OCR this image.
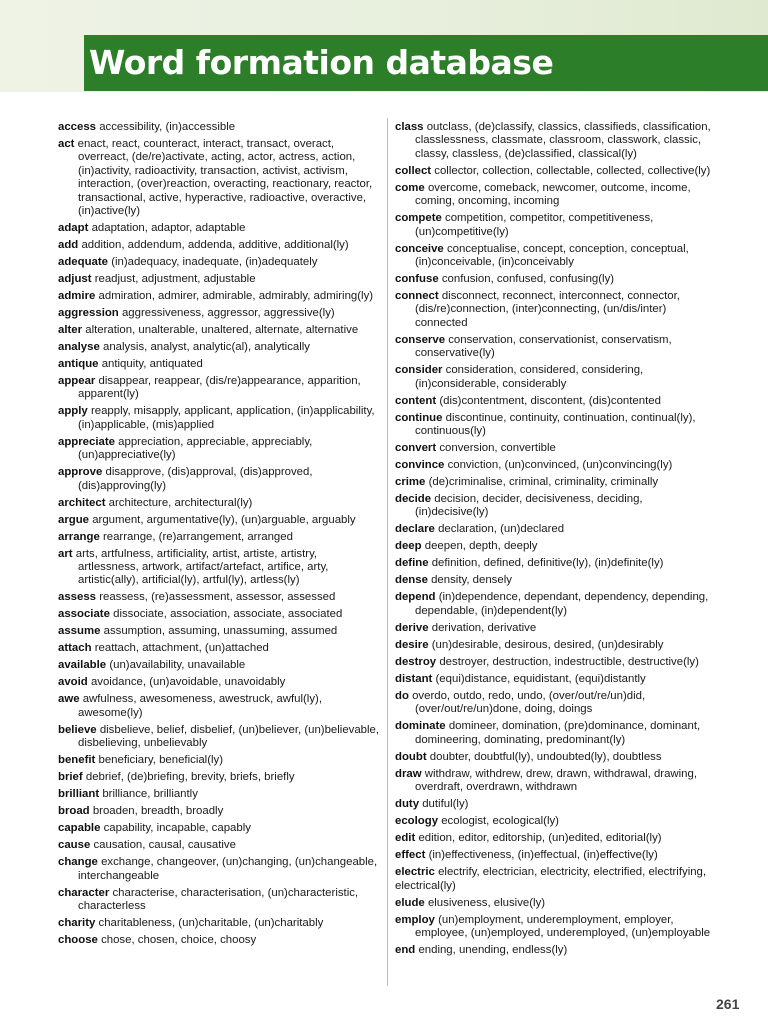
Word formation database

access accessibility, (in)accessible

act enact, react, counteract, interact, transact, overact, overreact, (de/re)activate, acting, actor, actress, action, (in)activity, radioactivity, transaction, activist, activism, interaction, (over)reaction, overacting, reactionary, reactor, transactional, active, hyperactive, radioactive, overactive, (in)active(ly)

adapt adaptation, adaptor, adaptable

add addition, addendum, addenda, additive, additional(ly)

adequate (in)adequacy, inadequate, (in)adequately

adjust readjust, adjustment, adjustable

admire admiration, admirer, admirable, admirably, admiring(ly)

aggression aggressiveness, aggressor, aggressive(ly)

alter alteration, unalterable, unaltered, alternate, alternative

analyse analysis, analyst, analytic(al), analytically

antique antiquity, antiquated

appear disappear, reappear, (dis/re)appearance, apparition, apparent(ly)

apply reapply, misapply, applicant, application, (in)applicability, (in)applicable, (mis)applied

appreciate appreciation, appreciable, appreciably, (un)appreciative(ly)

approve disapprove, (dis)approval, (dis)approved, (dis)approving(ly)

architect architecture, architectural(ly)

argue argument, argumentative(ly), (un)arguable, arguably

arrange rearrange, (re)arrangement, arranged

art arts, artfulness, artificiality, artist, artiste, artistry, artlessness, artwork, artifact/artefact, artifice, arty, artistic(ally), artificial(ly), artful(ly), artless(ly)

assess reassess, (re)assessment, assessor, assessed

associate dissociate, association, associate, associated

assume assumption, assuming, unassuming, assumed

attach reattach, attachment, (un)attached

available (un)availability, unavailable

avoid avoidance, (un)avoidable, unavoidably

awe awfulness, awesomeness, awestruck, awful(ly), awesome(ly)

believe disbelieve, belief, disbelief, (un)believer, (un)believable, disbelieving, unbelievably

benefit beneficiary, beneficial(ly)

brief debrief, (de)briefing, brevity, briefs, briefly

brilliant brilliance, brilliantly

broad broaden, breadth, broadly

capable capability, incapable, capably

cause causation, causal, causative

change exchange, changeover, (un)changing, (un)changeable, interchangeable

character characterise, characterisation, (un)characteristic, characterless

charity charitableness, (un)charitable, (un)charitably

choose chose, chosen, choice, choosy

class outclass, (de)classify, classics, classifieds, classification, classlessness, classmate, classroom, classwork, classic, classy, classless, (de)classified, classical(ly)

collect collector, collection, collectable, collected, collective(ly)

come overcome, comeback, newcomer, outcome, income, coming, oncoming, incoming

compete competition, competitor, competitiveness, (un)competitive(ly)

conceive conceptualise, concept, conception, conceptual, (in)conceivable, (in)conceivably

confuse confusion, confused, confusing(ly)

connect disconnect, reconnect, interconnect, connector, (dis/re)connection, (inter)connecting, (un/dis/inter) connected

conserve conservation, conservationist, conservatism, conservative(ly)

consider consideration, considered, considering, (in)considerable, considerably

content (dis)contentment, discontent, (dis)contented

continue discontinue, continuity, continuation, continual(ly), continuous(ly)

convert conversion, convertible

convince conviction, (un)convinced, (un)convincing(ly)

crime (de)criminalise, criminal, criminality, criminally

decide decision, decider, decisiveness, deciding, (in)decisive(ly)

declare declaration, (un)declared

deep deepen, depth, deeply

define definition, defined, definitive(ly), (in)definite(ly)

dense density, densely

depend (in)dependence, dependant, dependency, depending, dependable, (in)dependent(ly)

derive derivation, derivative

desire (un)desirable, desirous, desired, (un)desirably

destroy destroyer, destruction, indestructible, destructive(ly)

distant (equi)distance, equidistant, (equi)distantly

do overdo, outdo, redo, undo, (over/out/re/un)did, (over/out/re/un)done, doing, doings

dominate domineer, domination, (pre)dominance, dominant, domineering, dominating, predominant(ly)

doubt doubter, doubtful(ly), undoubted(ly), doubtless

draw withdraw, withdrew, drew, drawn, withdrawal, drawing, overdraft, overdrawn, withdrawn

duty dutiful(ly)

ecology ecologist, ecological(ly)

edit edition, editor, editorship, (un)edited, editorial(ly)

effect (in)effectiveness, (in)effectual, (in)effective(ly)

electric electrify, electrician, electricity, electrified, electrifying, electrical(ly)

elude elusiveness, elusive(ly)

employ (un)employment, underemployment, employer, employee, (un)employed, underemployed, (un)employable

end ending, unending, endless(ly)

261
